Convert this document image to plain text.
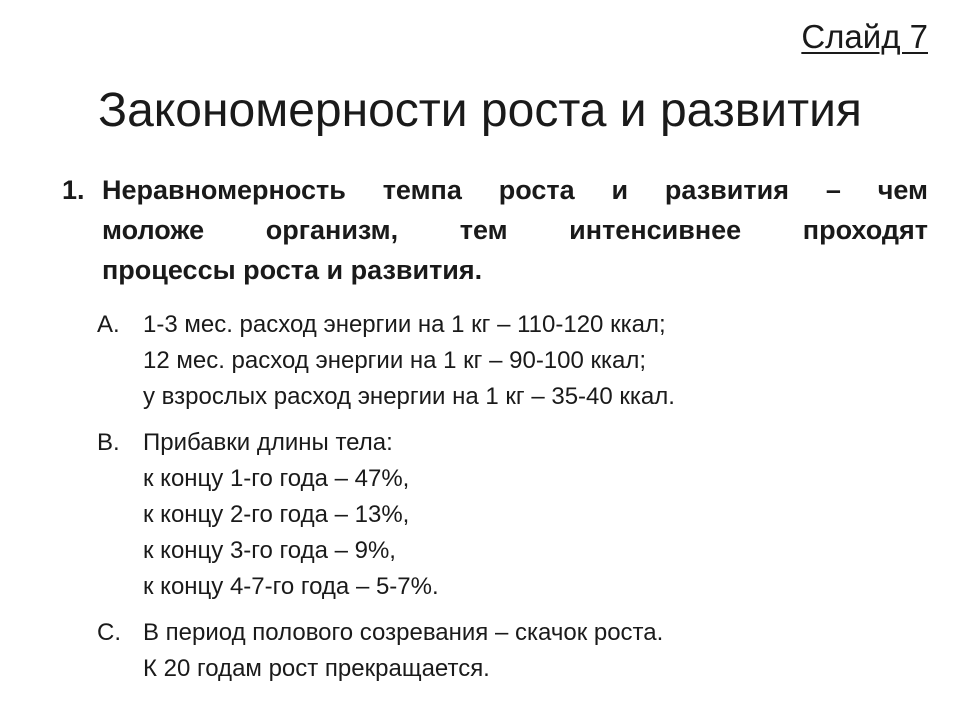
Слайд 7
Закономерности роста и развития
1. Неравномерность темпа роста и развития – чем
моложе организм, тем интенсивнее проходят
процессы роста и развития.
A. 1-3 мес. расход энергии на 1 кг – 110-120 ккал;
12 мес. расход энергии на 1 кг – 90-100 ккал;
у взрослых расход энергии на 1 кг – 35-40 ккал.
B. Прибавки длины тела:
к концу 1-го года – 47%,
к концу 2-го года – 13%,
к концу 3-го года – 9%,
к концу 4-7-го года – 5-7%.
C. В период полового созревания – скачок роста.
К 20 годам рост прекращается.
